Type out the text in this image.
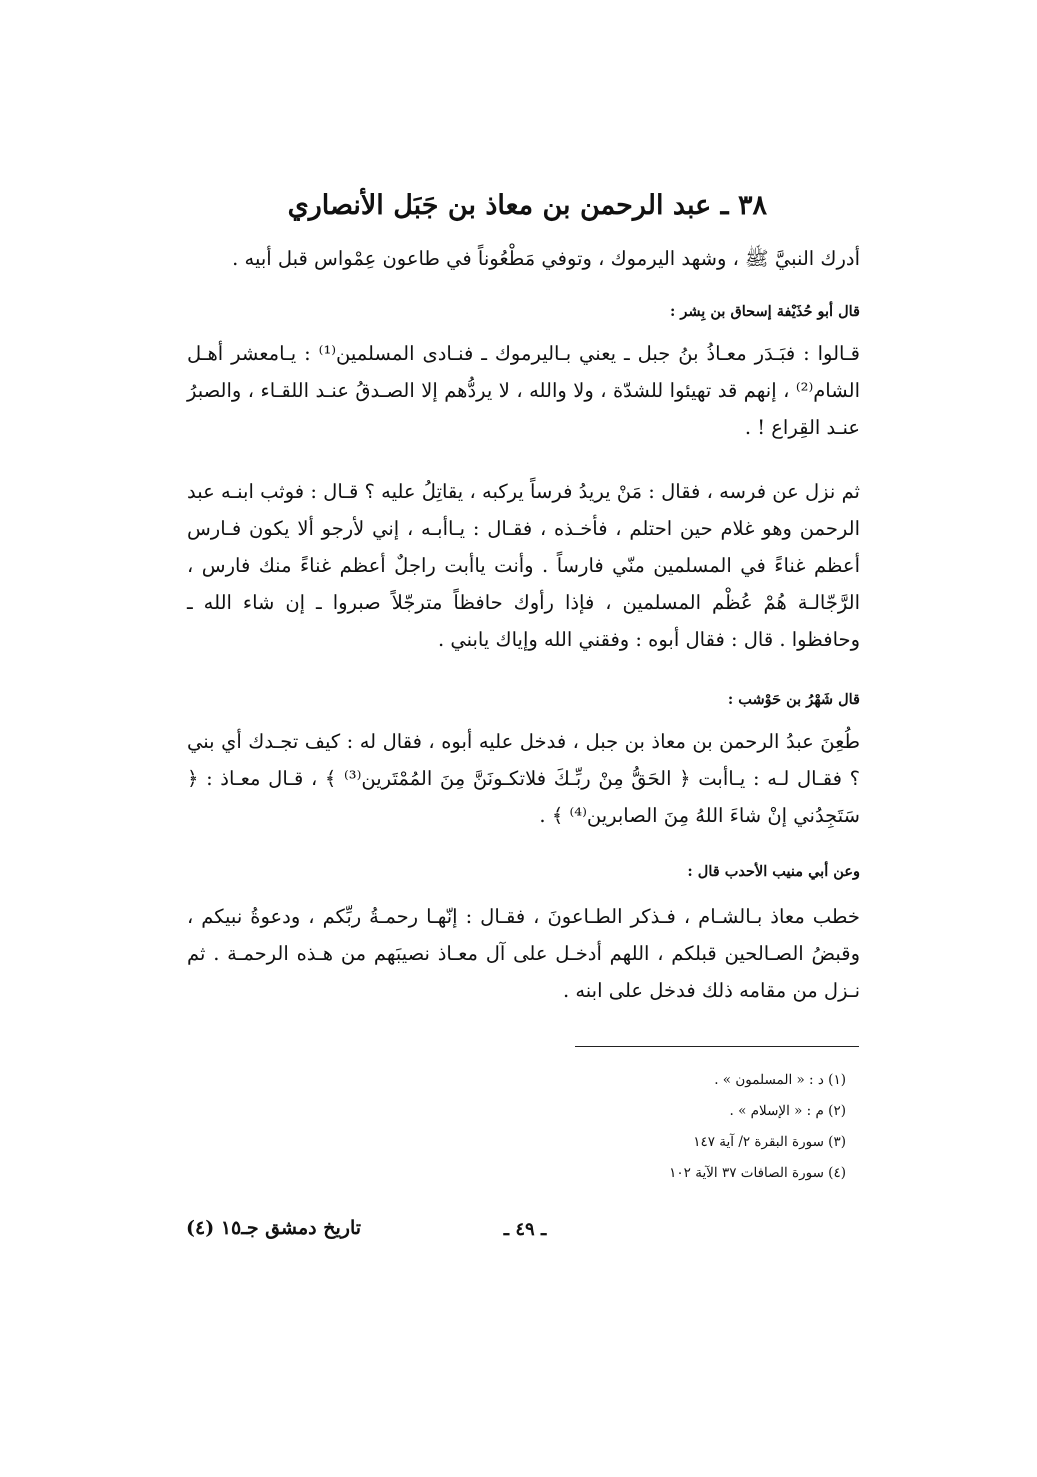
٣٨ ـ عبد الرحمن بن معاذ بن جَبَل الأنصاري
أدرك النبيَّ ﷺ ، وشهد اليرموك ، وتوفي مَطْعُوناً في طاعون عِمْواس قبل أبيه .
قال أبو حُذَيْفة إسحاق بن بِشر :
قـالوا : فبَـدَر معـاذُ بنُ جبل ـ يعني بـاليرموك ـ فنـادى المسلمين⁽¹⁾ : يـامعشر أهـل الشام⁽²⁾ ، إنهم قد تهيئوا للشدّة ، ولا والله ، لا يردُّهم إلا الصـدقُ عنـد اللقـاء ، والصبرُ عنـد القِراع ! .
ثم نزل عن فرسه ، فقال : مَنْ يريدُ فرساً يركبه ، يقاتِلُ عليه ؟ قـال : فوثب ابنـه عبد الرحمن وهو غلام حين احتلم ، فأخـذه ، فقـال : يـاأبـه ، إني لأرجو ألا يكون فـارس أعظم غناءً في المسلمين منّي فارساً . وأنت ياأبت راجلٌ أعظم غناءً منك فارس ، الرَّجّالـة هُمْ عُظْم المسلمين ، فإذا رأوك حافظاً مترجّلاً صبروا ـ إن شاء الله ـ وحافظوا . قال : فقال أبوه : وفقني الله وإياك يابني .
قال شَهْرُ بن حَوْشب :
طُعِنَ عبدُ الرحمن بن معاذ بن جبل ، فدخل عليه أبوه ، فقال له : كيف تجـدك أي بني ؟ فقـال لـه : يـاأبت ﴿ الحَقُّ مِنْ ربِّـكَ فلاتكـونَنَّ مِنَ المُمْتَرين⁽³⁾ ﴾ ، قـال معـاذ : ﴿ سَتَجِدُني إنْ شاءَ اللهُ مِنَ الصابرين⁽⁴⁾ ﴾ .
وعن أبي منيب الأحدب قال :
خطب معاذ بـالشـام ، فـذكر الطـاعونَ ، فقـال : إنّهـا رحمـةُ ربِّكم ، ودعوةُ نبيكم ، وقبضُ الصـالحين قبلكم ، اللهم أدخـل على آل معـاذ نصيبَهم من هـذه الرحمـة . ثم نـزل من مقامه ذلك فدخل على ابنه .
(١) د : « المسلمون » .
(٢) م : « الإسلام » .
(٣) سورة البقرة ٢/ آية ١٤٧
(٤) سورة الصافات ٣٧ الآية ١٠٢
ـ ٤٩ ـ
تاريخ دمشق جـ١٥ (٤)
